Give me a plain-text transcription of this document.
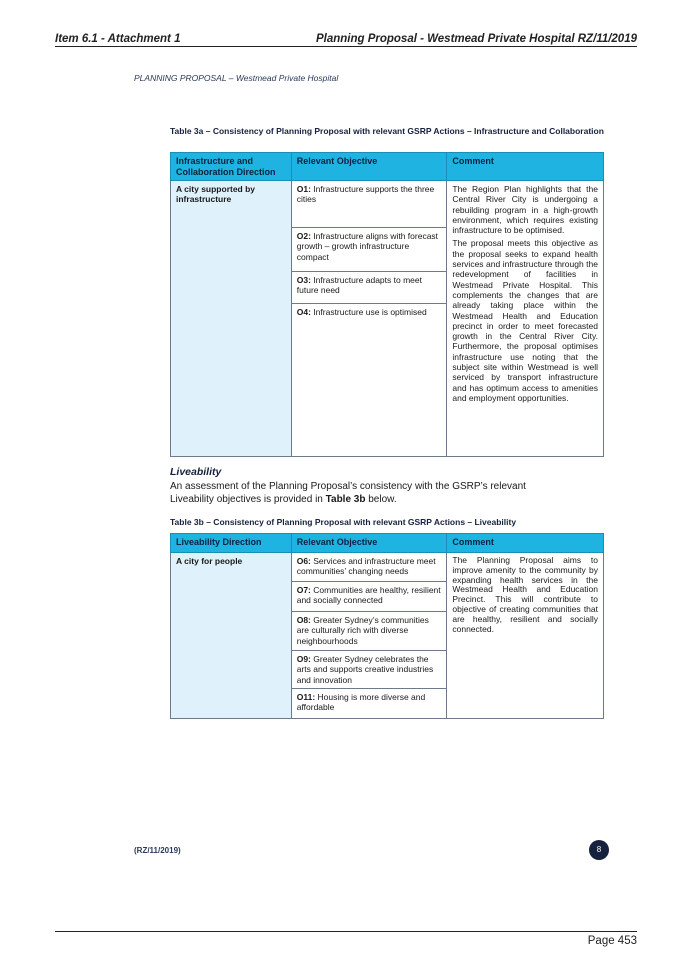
Item 6.1 - Attachment 1	Planning Proposal - Westmead Private Hospital RZ/11/2019
PLANNING PROPOSAL – Westmead Private Hospital
Table 3a – Consistency of Planning Proposal with relevant GSRP Actions – Infrastructure and Collaboration
Infrastructure and Collaboration Direction	Relevant Objective	Comment
A city supported by infrastructure	O1: Infrastructure supports the three cities	The Region Plan highlights that the Central River City is undergoing a rebuilding program in a high-growth environment, which requires existing infrastructure to be optimised.

The proposal meets this objective as the proposal seeks to expand health services and infrastructure through the redevelopment of facilities in Westmead Private Hospital. This complements the changes that are already taking place within the Westmead Health and Education precinct in order to meet forecasted growth in the Central River City. Furthermore, the proposal optimises infrastructure use noting that the subject site within Westmead is well serviced by transport infrastructure and has optimum access to amenities and employment opportunities.

	O2: Infrastructure aligns with forecast growth – growth infrastructure compact	
	O3: Infrastructure adapts to meet future need	
	O4: Infrastructure use is optimised	
Liveability
An assessment of the Planning Proposal’s consistency with the GSRP’s relevant Liveability objectives is provided in Table 3b below.
Table 3b – Consistency of Planning Proposal with relevant GSRP Actions – Liveability
Liveability Direction	Relevant Objective	Comment
A city for people	O6: Services and infrastructure meet communities’ changing needs	The Planning Proposal aims to improve amenity to the community by expanding health services in the Westmead Health and Education Precinct. This will contribute to objective of creating communities that are healthy, resilient and socially connected.
	O7: Communities are healthy, resilient and socially connected	
	O8: Greater Sydney’s communities are culturally rich with diverse neighbourhoods	
	O9: Greater Sydney celebrates the arts and supports creative industries and innovation	
	O11: Housing is more diverse and affordable	
(RZ/11/2019)	8
Page 453
